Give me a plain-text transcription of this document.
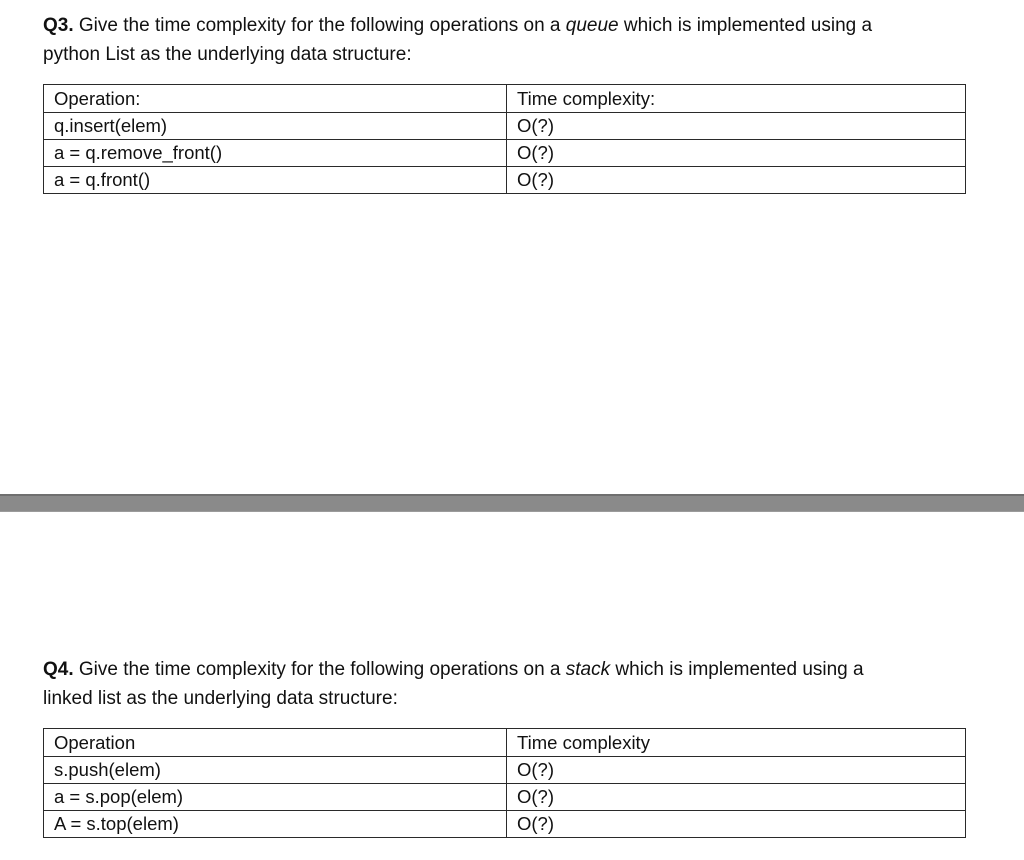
Q3. Give the time complexity for the following operations on a queue which is implemented using a
python List as the underlying data structure:
Operation:	Time complexity:
q.insert(elem)	O(?)
a = q.remove_front()	O(?)
a = q.front()	O(?)
Q4. Give the time complexity for the following operations on a stack which is implemented using a
linked list as the underlying data structure:
Operation	Time complexity
s.push(elem)	O(?)
a = s.pop(elem)	O(?)
A = s.top(elem)	O(?)
